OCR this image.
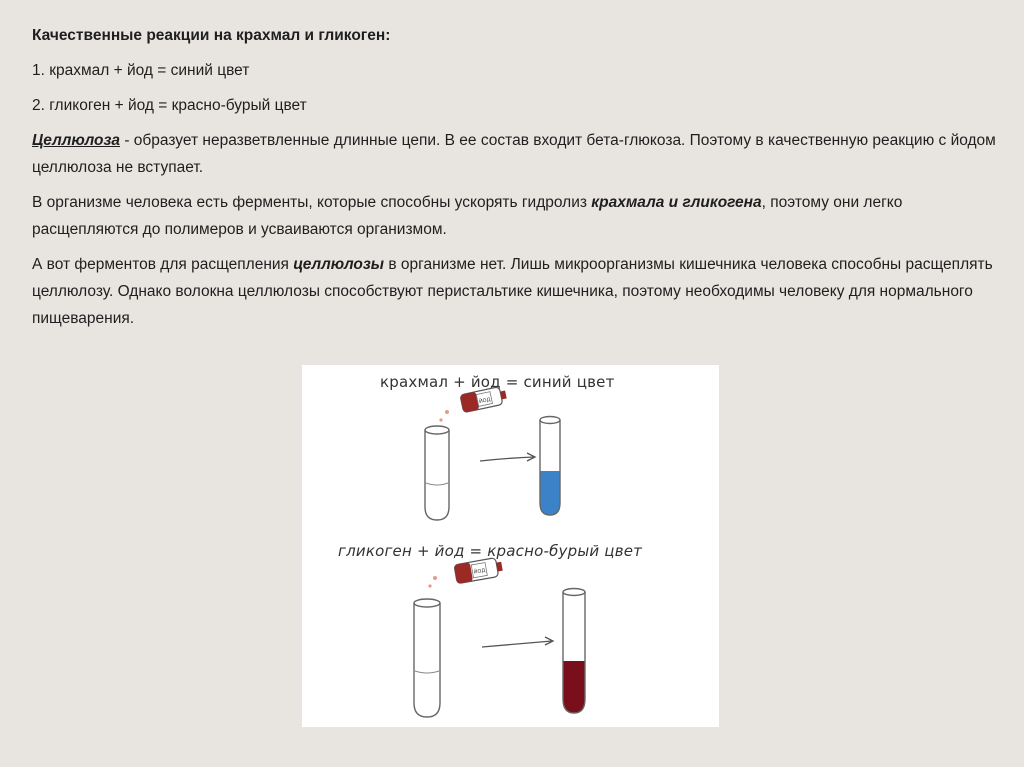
Качественные реакции на крахмал и гликоген:

1. крахмал + йод = синий цвет

2. гликоген + йод = красно-бурый цвет

Целлюлоза - образует неразветвленные длинные цепи. В ее состав входит бета-глюкоза. Поэтому в качественную реакцию с йодом целлюлоза не вступает.

В организме человека есть ферменты, которые способны ускорять гидролиз крахмала и гликогена, поэтому они легко расщепляются до полимеров и усваиваются организмом.

А вот ферментов для расщепления целлюлозы в организме нет. Лишь микроорганизмы кишечника человека способны расщеплять целлюлозу. Однако волокна целлюлозы способствуют перистальтике кишечника, поэтому необходимы человеку для нормального пищеварения.

крахмал + йод = синий цвет
гликоген + йод = красно-бурый цвет
ЙОД
ЙОД
